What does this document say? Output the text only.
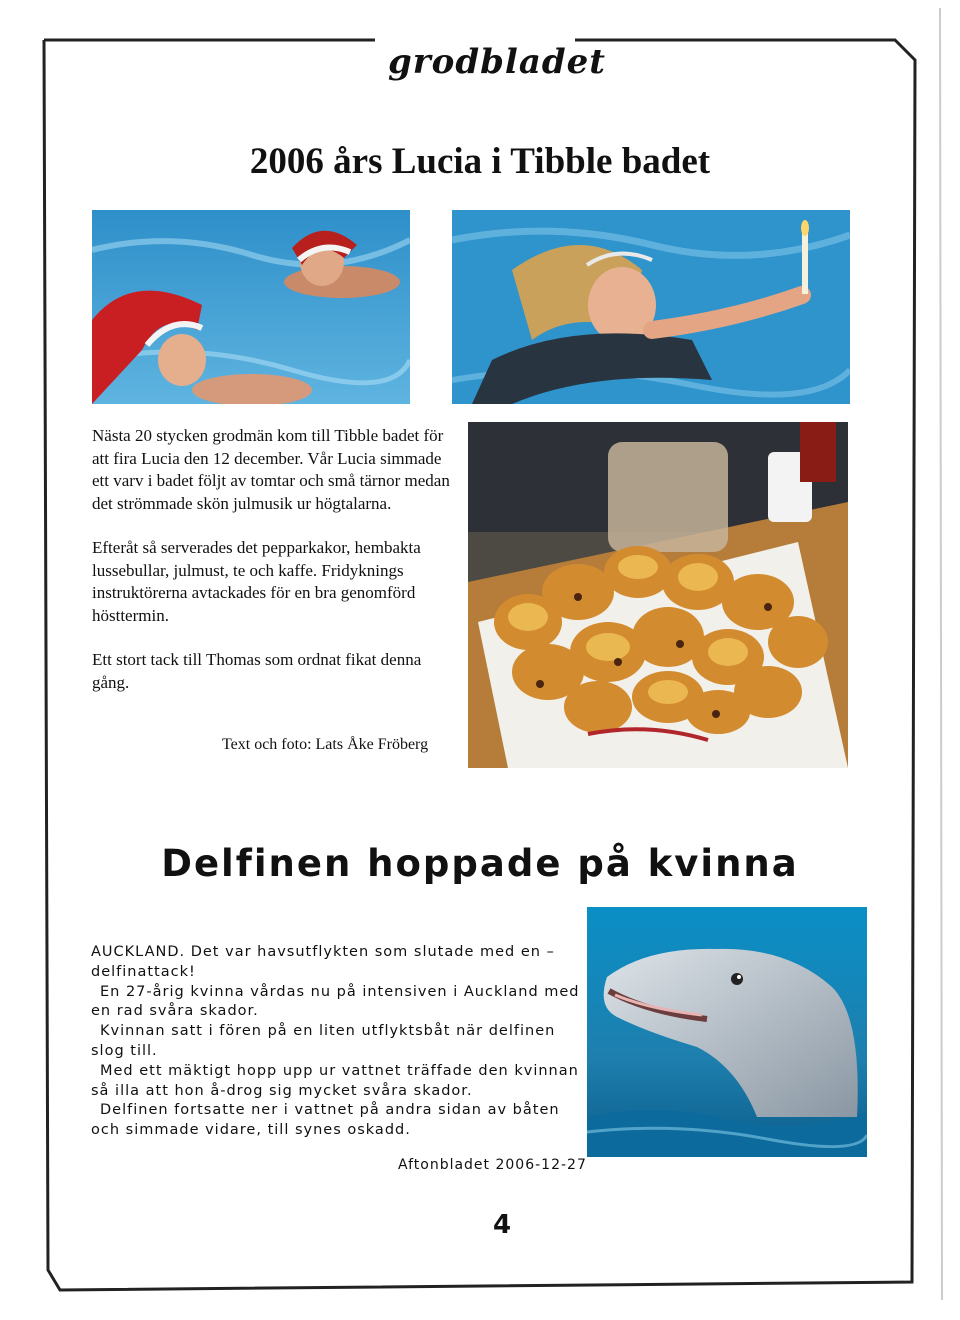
grodbladet
2006 års Lucia i Tibble badet

Nästa 20 stycken grodmän kom till Tibble badet för att fira Lucia den 12 december. Vår Lucia simmade ett varv i badet följt av tomtar och små tärnor medan det strömmade skön julmusik ur högtalarna.

Efteråt så serverades det pepparkakor, hembakta lussebullar, julmust, te och kaffe. Fridyknings instruktörerna avtackades för en bra genomförd hösttermin.

Ett stort tack till Thomas som ordnat fikat denna gång.

Text och foto: Lats Åke Fröberg
Delfinen hoppade på kvinna

AUCKLAND. Det var havsutflykten som slutade med en – delfinattack!

En 27-årig kvinna vårdas nu på intensiven i Auckland med en rad svåra skador.

Kvinnan satt i fören på en liten utflyktsbåt när delfinen slog till.

Med ett mäktigt hopp upp ur vattnet träffade den kvinnan så illa att hon å-drog sig mycket svåra skador.

Delfinen fortsatte ner i vattnet på andra sidan av båten och simmade vidare, till synes oskadd.

Aftonbladet 2006-12-27
4
